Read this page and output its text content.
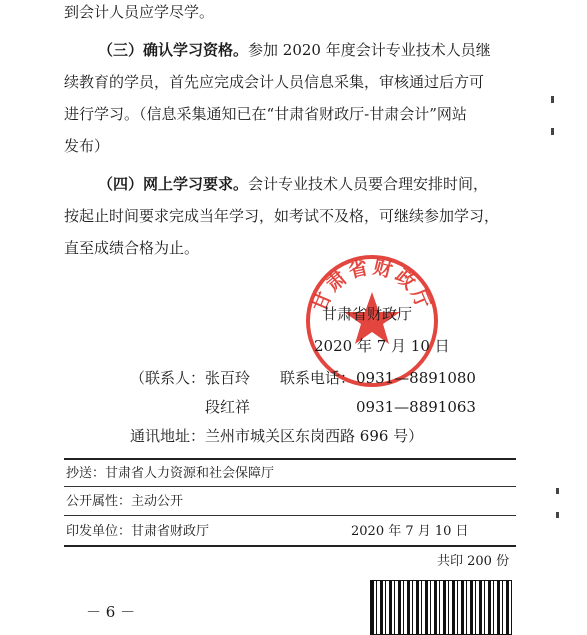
到会计人员应学尽学。
（三）确认学习资格。参加 2020 年度会计专业技术人员继
续教育的学员，首先应完成会计人员信息采集，审核通过后方可
进行学习。（信息采集通知已在“甘肃省财政厅-甘肃会计”网站
发布）
（四）网上学习要求。会计专业技术人员要合理安排时间，
按起止时间要求完成当年学习，如考试不及格，可继续参加学习，
直至成绩合格为止。
甘肃省财政厅
甘肃省财政厅
2020 年 7 月 10 日
（联系人： 张百玲 联系电话： 0931—8891080
段红祥	0931—8891063
通讯地址：兰州市城关区东岗西路 696 号）
抄送：甘肃省人力资源和社会保障厅
公开属性：主动公开
印发单位：甘肃省财政厅	2020 年 7 月 10 日
共印 200 份
－ 6 －
